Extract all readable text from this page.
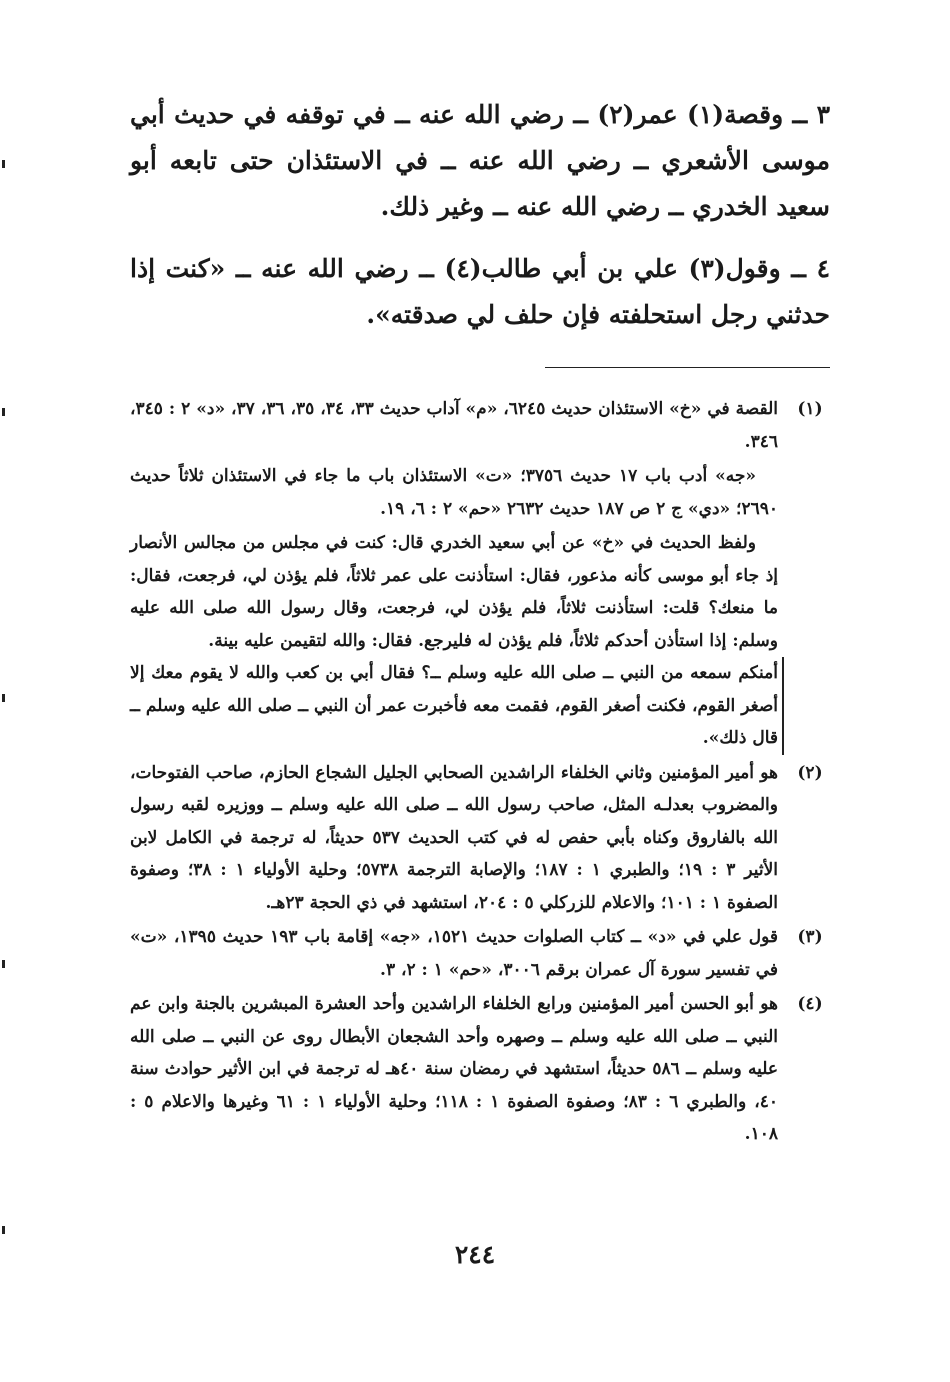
٣ ــ وقصة(١) عمر(٢) ــ رضي الله عنه ــ في توقفه في حديث أبي موسى الأشعري ــ رضي الله عنه ــ في الاستئذان حتى تابعه أبو سعيد الخدري ــ رضي الله عنه ــ وغير ذلك.

٤ ــ وقول(٣) علي بن أبي طالب(٤) ــ رضي الله عنه ــ «كنت إذا حدثني رجل استحلفته فإن حلف لي صدقته».

(١)

القصة في «خ» الاستئذان حديث ٦٢٤٥، «م» آداب حديث ٣٣، ٣٤، ٣٥، ٣٦، ٣٧، «د» ٢ : ٣٤٥، ٣٤٦.

«جه» أدب باب ١٧ حديث ٣٧٥٦؛ «ت» الاستئذان باب ما جاء في الاستئذان ثلاثاً حديث ٢٦٩٠؛ «دي» ج ٢ ص ١٨٧ حديث ٢٦٣٢ «حم» ٢ : ٦، ١٩.

ولفظ الحديث في «خ» عن أبي سعيد الخدري قال: كنت في مجلس من مجالس الأنصار إذ جاء أبو موسى كأنه مذعور، فقال: استأذنت على عمر ثلاثاً، فلم يؤذن لي، فرجعت، فقال: ما منعك؟ قلت: استأذنت ثلاثاً، فلم يؤذن لي، فرجعت، وقال رسول الله صلى الله عليه وسلم: إذا استأذن أحدكم ثلاثاً، فلم يؤذن له فليرجع. فقال: والله لتقيمن عليه بينة.

أمنكم سمعه من النبي ــ صلى الله عليه وسلم ــ؟ فقال أبي بن كعب والله لا يقوم معك إلا أصغر القوم، فكنت أصغر القوم، فقمت معه فأخبرت عمر أن النبي ــ صلى الله عليه وسلم ــ قال ذلك».

(٢)

هو أمير المؤمنين وثاني الخلفاء الراشدين الصحابي الجليل الشجاع الحازم، صاحب الفتوحات، والمضروب بعدلـه المثل، صاحب رسول الله ــ صلى الله عليه وسلم ــ ووزيره لقبه رسول الله بالفاروق وكناه بأبي حفص له في كتب الحديث ٥٣٧ حديثاً، له ترجمة في الكامل لابن الأثير ٣ : ١٩؛ والطبري ١ : ١٨٧؛ والإصابة الترجمة ٥٧٣٨؛ وحلية الأولياء ١ : ٣٨؛ وصفوة الصفوة ١ : ١٠١؛ والاعلام للزركلي ٥ : ٢٠٤، استشهد في ذي الحجة ٢٣هـ.

(٣)

قول علي في «د» ــ كتاب الصلوات حديث ١٥٢١، «جه» إقامة باب ١٩٣ حديث ١٣٩٥، «ت» في تفسير سورة آل عمران برقم ٣٠٠٦، «حم» ١ : ٢، ٣.

(٤)

هو أبو الحسن أمير المؤمنين ورابع الخلفاء الراشدين وأحد العشرة المبشرين بالجنة وابن عم النبي ــ صلى الله عليه وسلم ــ وصهره وأحد الشجعان الأبطال روى عن النبي ــ صلى الله عليه وسلم ــ ٥٨٦ حديثاً، استشهد في رمضان سنة ٤٠هـ له ترجمة في ابن الأثير حوادث سنة ٤٠، والطبري ٦ : ٨٣؛ وصفوة الصفوة ١ : ١١٨؛ وحلية الأولياء ١ : ٦١ وغيرها والاعلام ٥ : ١٠٨.

٢٤٤
